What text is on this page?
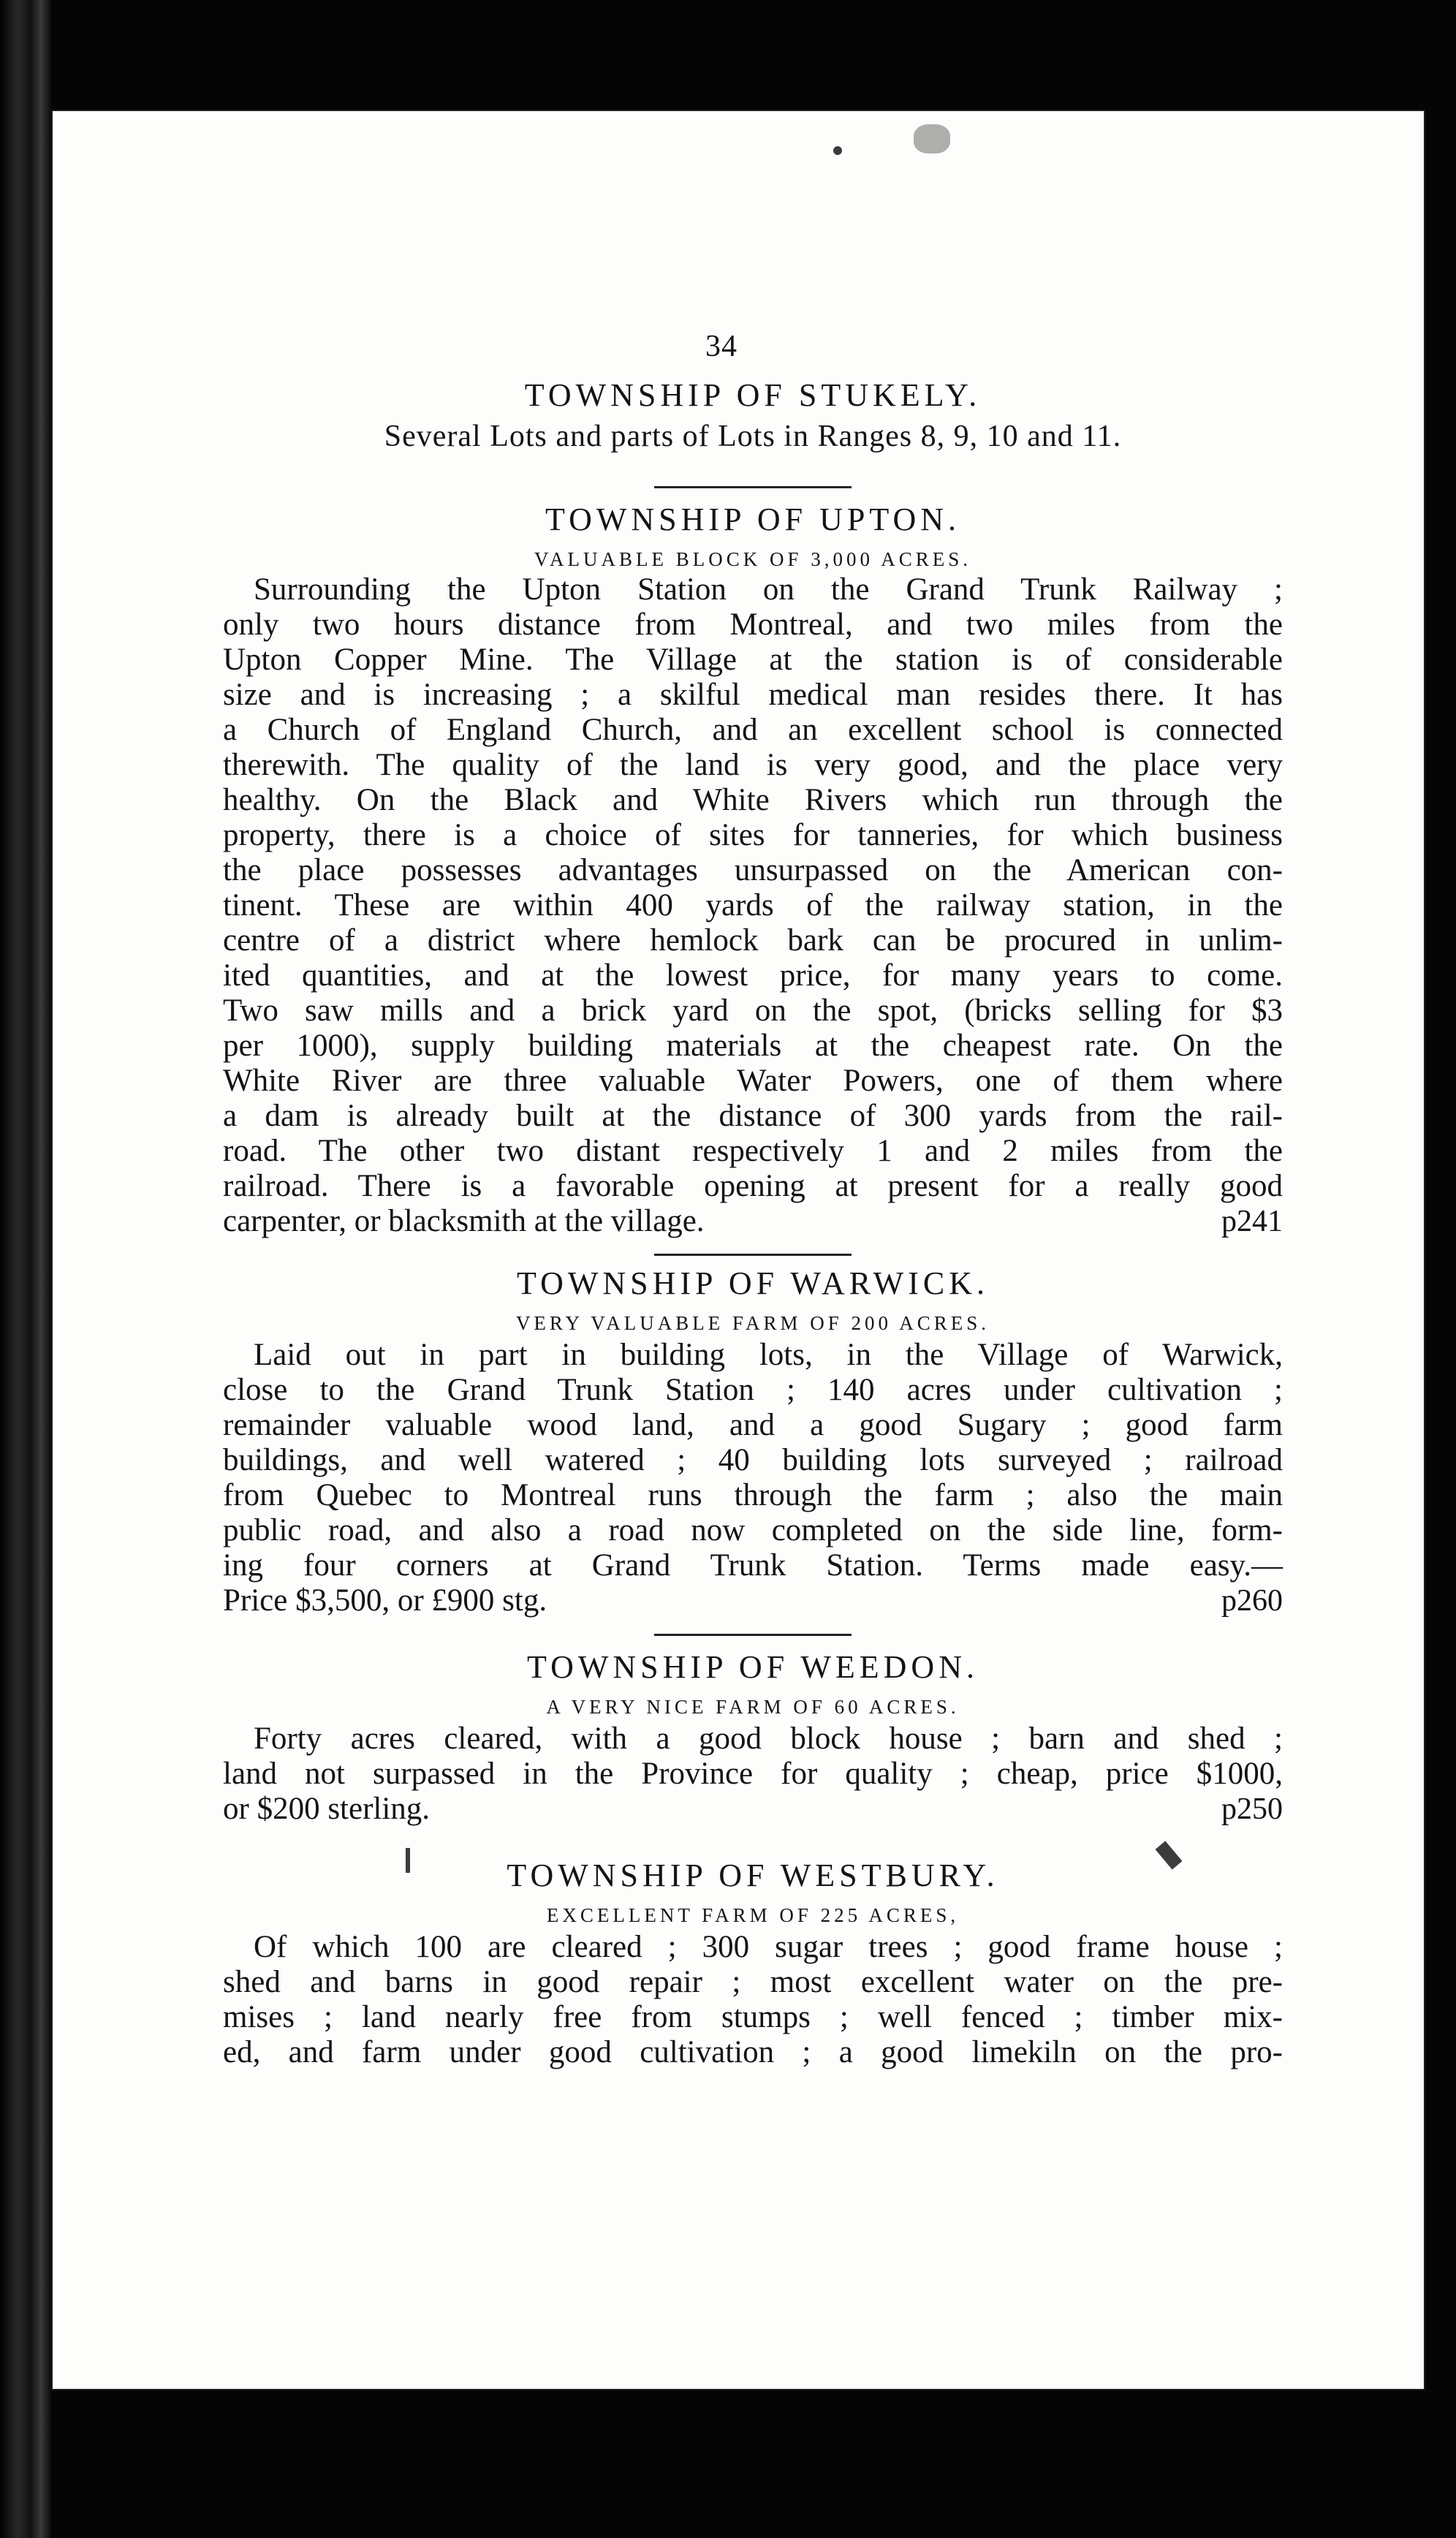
34
TOWNSHIP OF STUKELY.
Several Lots and parts of Lots in Ranges 8, 9, 10 and 11.
TOWNSHIP OF UPTON.
VALUABLE BLOCK OF 3,000 ACRES.
Surrounding the Upton Station on the Grand Trunk Railway ;
only two hours distance from Montreal, and two miles from the
Upton Copper Mine. The Village at the station is of considerable
size and is increasing ; a skilful medical man resides there. It has
a Church of England Church, and an excellent school is connected
therewith. The quality of the land is very good, and the place very
healthy. On the Black and White Rivers which run through the
property, there is a choice of sites for tanneries, for which business
the place possesses advantages unsurpassed on the American con-
tinent. These are within 400 yards of the railway station, in the
centre of a district where hemlock bark can be procured in unlim-
ited quantities, and at the lowest price, for many years to come.
Two saw mills and a brick yard on the spot, (bricks selling for $3
per 1000), supply building materials at the cheapest rate. On the
White River are three valuable Water Powers, one of them where
a dam is already built at the distance of 300 yards from the rail-
road. The other two distant respectively 1 and 2 miles from the
railroad. There is a favorable opening at present for a really good
carpenter, or blacksmith at the village.	p241
TOWNSHIP OF WARWICK.
VERY VALUABLE FARM OF 200 ACRES.
Laid out in part in building lots, in the Village of Warwick,
close to the Grand Trunk Station ; 140 acres under cultivation ;
remainder valuable wood land, and a good Sugary ; good farm
buildings, and well watered ; 40 building lots surveyed ; railroad
from Quebec to Montreal runs through the farm ; also the main
public road, and also a road now completed on the side line, form-
ing four corners at Grand Trunk Station. Terms made easy.—
Price $3,500, or £900 stg.	p260
TOWNSHIP OF WEEDON.
A VERY NICE FARM OF 60 ACRES.
Forty acres cleared, with a good block house ; barn and shed ;
land not surpassed in the Province for quality ; cheap, price $1000,
or $200 sterling.	p250
TOWNSHIP OF WESTBURY.
EXCELLENT FARM OF 225 ACRES,
Of which 100 are cleared ; 300 sugar trees ; good frame house ;
shed and barns in good repair ; most excellent water on the pre-
mises ; land nearly free from stumps ; well fenced ; timber mix-
ed, and farm under good cultivation ; a good limekiln on the pro-
